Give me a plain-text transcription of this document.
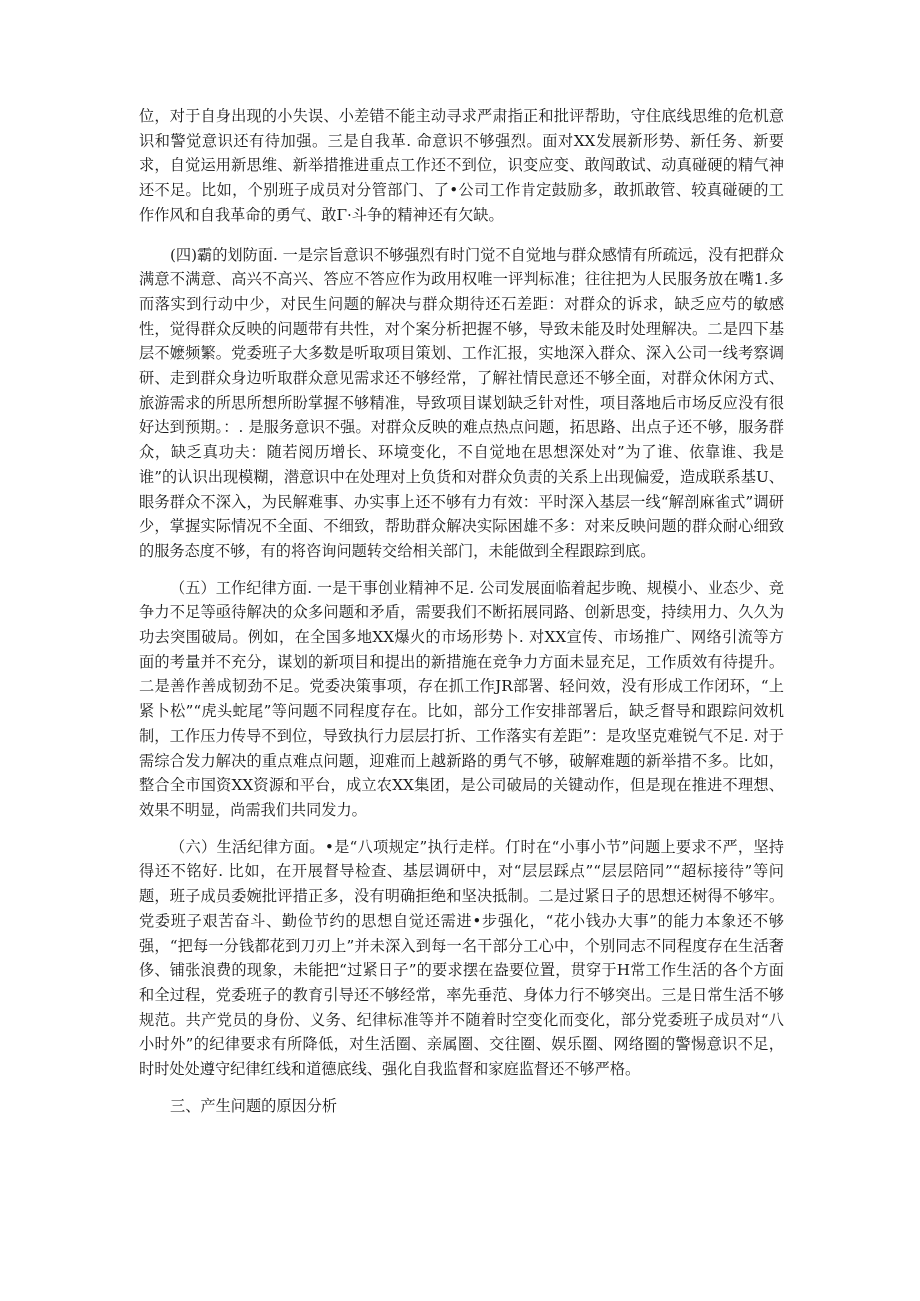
位，对于自身出现的小失误、小差错不能主动寻求严肃指正和批评帮助，守住底线思维的危机意识和警觉意识还有待加强。三是自我革. 命意识不够强烈。面对XX发展新形势、新任务、新要求，自觉运用新思维、新举措推进重点工作还不到位，识变应变、敢闯敢试、动真碰硬的精气神还不足。比如，个别班子成员对分管部门、了•公司工作肯定鼓励多，敢抓敢管、较真碰硬的工作作风和自我革命的勇气、敢Γ·斗争的精神还有欠缺。

(四)霸的划防面. 一是宗旨意识不够强烈有时门觉不自觉地与群众感情有所疏远，没有把群众满意不满意、高兴不高兴、答应不答应作为政用权唯一评判标准；往往把为人民服务放在嘴1.多而落实到行动中少，对民生问题的解决与群众期待还石差距：对群众的诉求，缺乏应芍的敏感性，觉得群众反映的问题带有共性，对个案分析把握不够，导致未能及时处理解决。二是四下基层不嬷频繁。党委班子大多数是听取项目策划、工作汇报，实地深入群众、深入公司一线考察调研、走到群众身边听取群众意见需求还不够经常，了解社情民意还不够全面，对群众休闲方式、旅游需求的所思所想所盼掌握不够精准，导致项目谋划缺乏针对性，项目落地后市场反应没有很好达到预期。：. 是服务意识不强。对群众反映的难点热点问题，拓思路、出点子还不够，服务群众，缺乏真功夫：随若阅历增长、环境变化，不自觉地在思想深处对”为了谁、依靠谁、我是谁”的认识出现模糊，潜意识中在处理对上负货和对群众负责的关系上出现偏爱，造成联系基U、眼务群众不深入，为民解难事、办实事上还不够有力有效：平时深入基层一线“解剖麻雀式”调研少，掌握实际情况不全面、不细致，帮助群众解决实际困雄不多：对来反映问题的群众耐心细致的服务态度不够，有的将咨询问题转交给相关部门，未能做到全程跟踪到底。

（五）工作纪律方面. 一是干事创业精神不足. 公司发展面临着起步晚、规模小、业态少、竞争力不足等亟待解决的众多问题和矛盾，需要我们不断拓展同路、创新思变，持续用力、久久为功去突围破局。例如，在全国多地XX爆火的市场形势卜. 对XX宣传、市场推广、网络引流等方面的考量并不充分，谋划的新项目和提出的新措施在竞争力方面未显充足，工作质效有待提升。二是善作善成韧劲不足。党委决策事项，存在抓工作JR部署、轻问效，没有形成工作闭环，“上紧卜松”“虎头蛇尾”等问题不同程度存在。比如，部分工作安排部署后，缺乏督导和跟踪问效机制，工作压力传导不到位，导致执行力层层打折、工作落实有差距”：是攻坚克难锐气不足. 对于需综合发力解决的重点难点问题，迎难而上越新路的勇气不够，破解难题的新举措不多。比如，整合全市国资XX资源和平台，成立农XX集团，是公司破局的关键动作，但是现在推进不理想、效果不明显，尚需我们共同发力。

（六）生活纪律方面。•是“八项规定”执行走样。仃时在“小事小节”问题上要求不严，坚持得还不铭好. 比如，在开展督导检查、基层调研中，对“层层踩点”“层层陪同”“超标接待”等问题，班子成员委婉批评措正多，没有明确拒绝和坚决抵制。二是过紧日子的思想还树得不够牢。党委班子艰苦奋斗、勤俭节约的思想自觉还需进•步强化，“花小钱办大事”的能力本象还不够强，“把每一分钱都花到刀刃上”并未深入到每一名干部分工心中，个别同志不同程度存在生活奢侈、铺张浪费的现象，未能把“过紧日子”的要求摆在盎要位置，贯穿于H常工作生活的各个方面和全过程，党委班子的教育引导还不够经常，率先垂范、身体力行不够突出。三是日常生活不够规范。共产党员的身份、义务、纪律标准等并不随着时空变化而变化，部分党委班子成员对“八小时外”的纪律要求有所降低，对生活圈、亲属圈、交往圈、娱乐圈、网络圈的警惕意识不足，时时处处遵守纪律红线和道德底线、强化自我监督和家庭监督还不够严格。

三、产生问题的原因分析
